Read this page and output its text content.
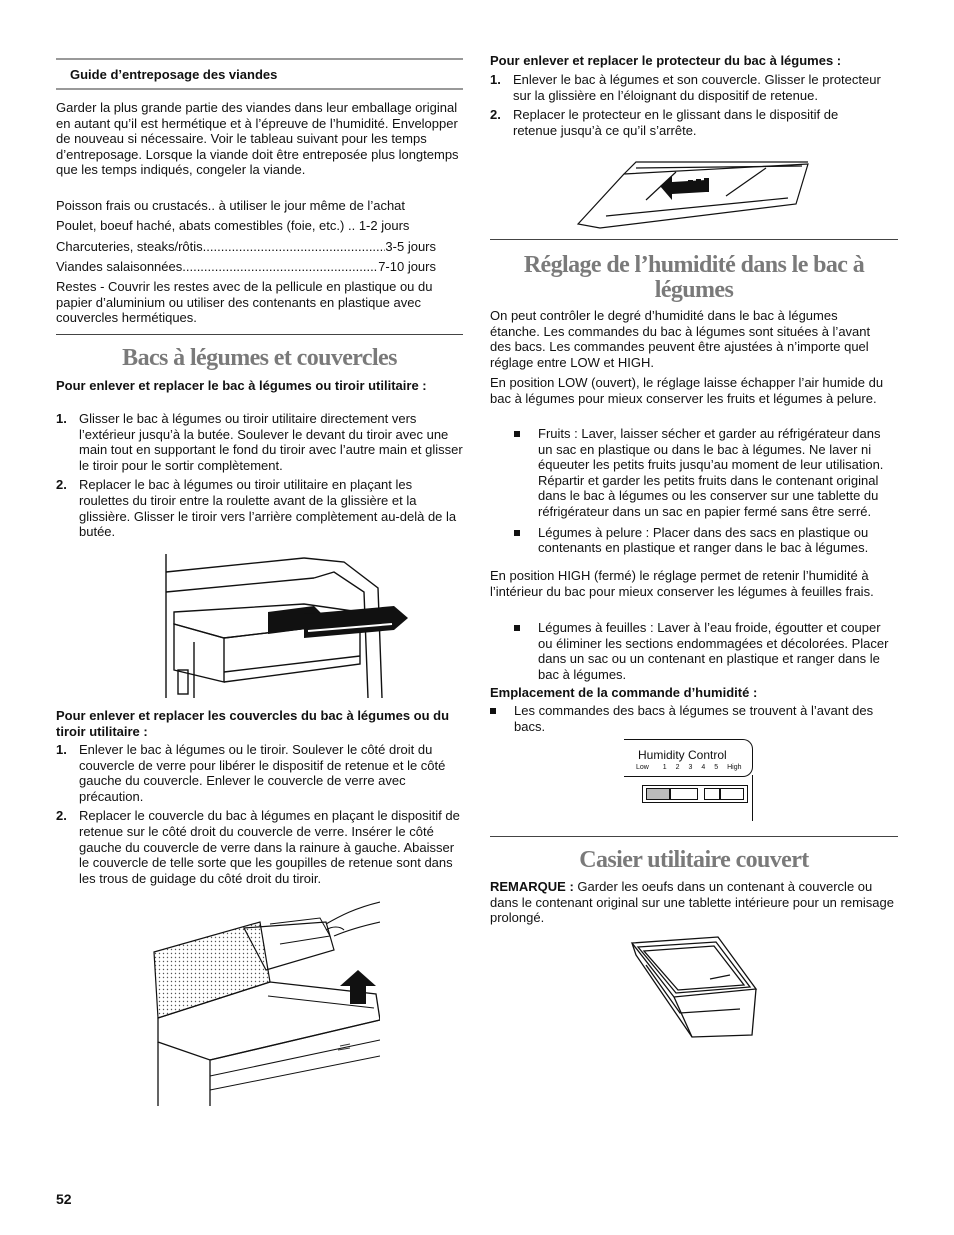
Guide d’entreposage des viandes

Garder la plus grande partie des viandes dans leur emballage original en autant qu’il est hermétique et à l’épreuve de l’humidité. Envelopper de nouveau si nécessaire. Voir le tableau suivant pour les temps d’entreposage. Lorsque la viande doit être entreposée plus longtemps que les temps indiqués, congeler la viande.

Poisson frais ou crustacés.. à utiliser le jour même de l’achat

Poulet, boeuf haché, abats comestibles (foie, etc.) .. 1-2 jours

Charcuteries, steaks/rôtis .....	3-5 jours
Viandes salaisonnées .....	7-10 jours

Restes - Couvrir les restes avec de la pellicule en plastique ou du papier d’aluminium ou utiliser des contenants en plastique avec couvercles hermétiques.

Bacs à légumes et couvercles
Pour enlever et replacer le bac à légumes ou tiroir utilitaire :
1. Glisser le bac à légumes ou tiroir utilitaire directement vers l’extérieur jusqu’à la butée. Soulever le devant du tiroir avec une main tout en supportant le fond du tiroir avec l’autre main et glisser le tiroir pour le sortir complètement.
2. Replacer le bac à légumes ou tiroir utilitaire en plaçant les roulettes du tiroir entre la roulette avant de la glissière et la glissière. Glisser le tiroir vers l’arrière complètement au-delà de la butée.
Pour enlever et replacer les couvercles du bac à légumes ou du tiroir utilitaire :
1. Enlever le bac à légumes ou le tiroir. Soulever le côté droit du couvercle de verre pour libérer le dispositif de retenue et le côté gauche du couvercle. Enlever le couvercle de verre avec précaution.
2. Replacer le couvercle du bac à légumes en plaçant le dispositif de retenue sur le côté droit du couvercle de verre. Insérer le côté gauche du couvercle de verre dans la rainure à gauche. Abaisser le couvercle de telle sorte que les goupilles de retenue sont dans les trous de guidage du côté droit du tiroir.
52
Pour enlever et replacer le protecteur du bac à légumes :
1. Enlever le bac à légumes et son couvercle. Glisser le protecteur sur la glissière en l’éloignant du dispositif de retenue.
2. Replacer le protecteur en le glissant dans le dispositif de retenue jusqu’à ce qu’il s’arrête.
Réglage de l’humidité dans le bac à légumes

On peut contrôler le degré d’humidité dans le bac à légumes étanche. Les commandes du bac à légumes sont situées à l’avant des bacs. Les commandes peuvent être ajustées à n’importe quel réglage entre LOW et HIGH.

En position LOW (ouvert), le réglage laisse échapper l’air humide du bac à légumes pour mieux conserver les fruits et légumes à pelure.

Fruits : Laver, laisser sécher et garder au réfrigérateur dans un sac en plastique ou dans le bac à légumes. Ne laver ni équeuter les petits fruits jusqu’au moment de leur utilisation. Répartir et garder les petits fruits dans le contenant original dans le bac à légumes ou les conserver sur une tablette du réfrigérateur dans un sac en papier fermé sans être serré.
Légumes à pelure : Placer dans des sacs en plastique ou contenants en plastique et ranger dans le bac à légumes.

En position HIGH (fermé) le réglage permet de retenir l’humidité à l’intérieur du bac pour mieux conserver les légumes à feuilles frais.

Légumes à feuilles : Laver à l’eau froide, égoutter et couper ou éliminer les sections endommagées et décolorées. Placer dans un sac ou un contenant en plastique et ranger dans le bac à légumes.
Emplacement de la commande d’humidité :
Les commandes des bacs à légumes se trouvent à l’avant des bacs.
Humidity Control
Low 1 2 3 4 5 High
Casier utilitaire couvert

REMARQUE : Garder les oeufs dans un contenant à couvercle ou dans le contenant original sur une tablette intérieure pour un remisage prolongé.
